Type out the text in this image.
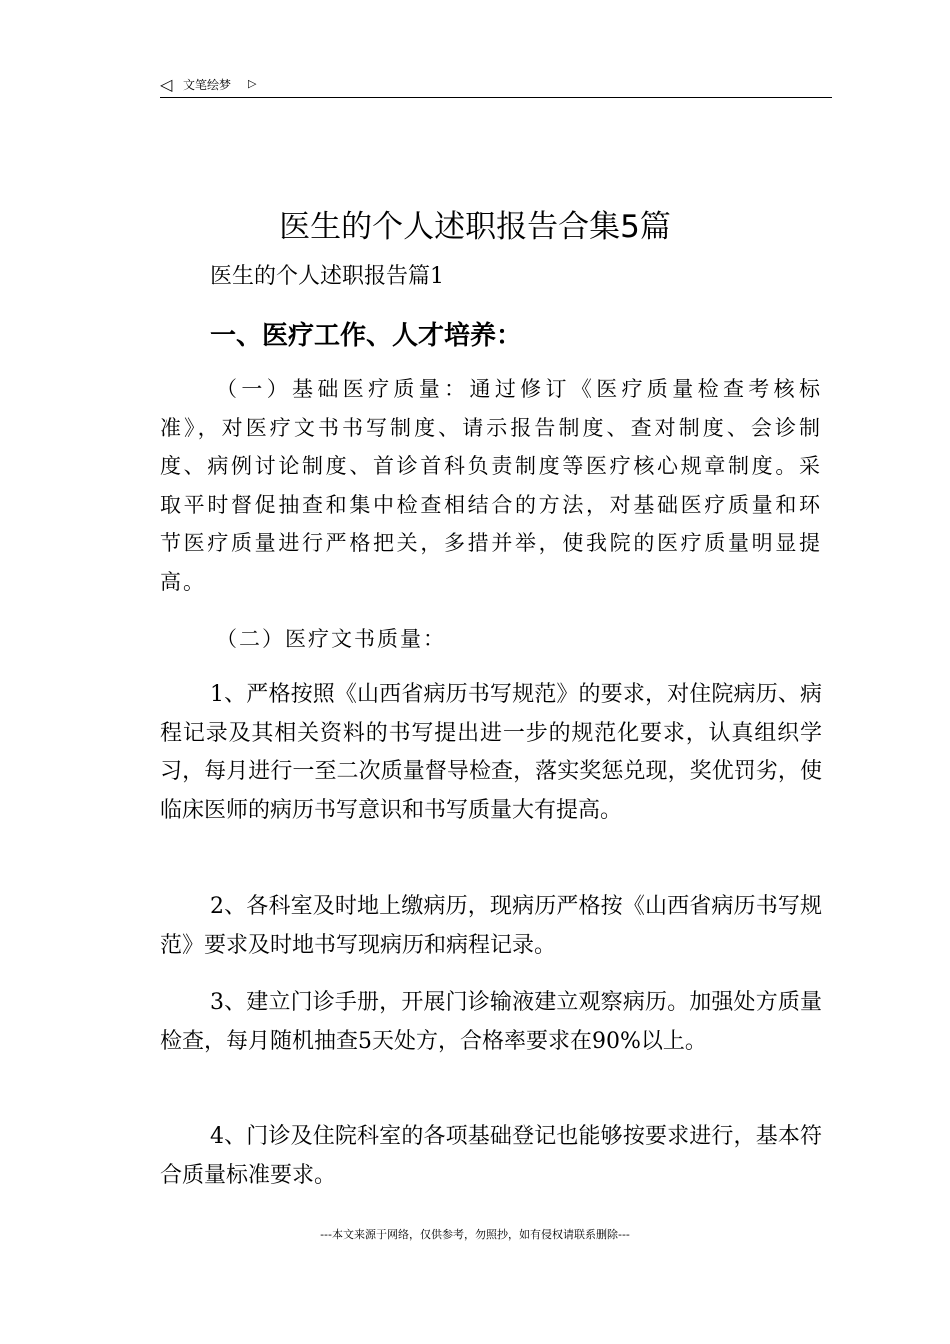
◁ 文笔绘梦 ▷
医生的个人述职报告合集5篇
医生的个人述职报告篇1
一、医疗工作、人才培养：

（一）基础医疗质量：通过修订《医疗质量检查考核标准》，对医疗文书书写制度、请示报告制度、查对制度、会诊制度、病例讨论制度、首诊首科负责制度等医疗核心规章制度。采取平时督促抽查和集中检查相结合的方法，对基础医疗质量和环节医疗质量进行严格把关，多措并举，使我院的医疗质量明显提高。

（二）医疗文书质量：

1、严格按照《山西省病历书写规范》的要求，对住院病历、病程记录及其相关资料的书写提出进一步的规范化要求，认真组织学习，每月进行一至二次质量督导检查，落实奖惩兑现，奖优罚劣，使临床医师的病历书写意识和书写质量大有提高。

2、各科室及时地上缴病历，现病历严格按《山西省病历书写规范》要求及时地书写现病历和病程记录。

3、建立门诊手册，开展门诊输液建立观察病历。加强处方质量检查，每月随机抽查5天处方，合格率要求在90%以上。

4、门诊及住院科室的各项基础登记也能够按要求进行，基本符合质量标准要求。

---本文来源于网络，仅供参考，勿照抄，如有侵权请联系删除---
